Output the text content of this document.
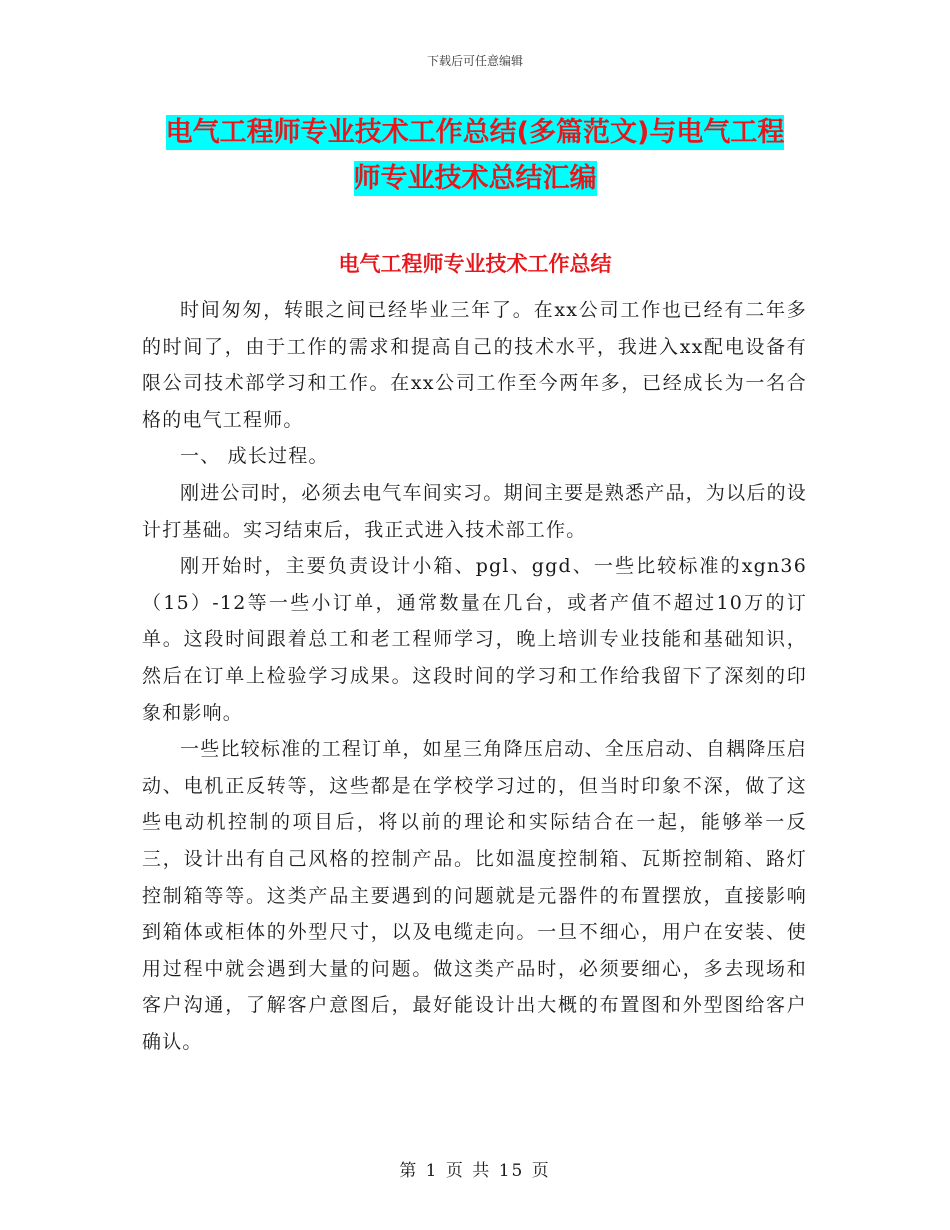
下载后可任意编辑
电气工程师专业技术工作总结(多篇范文)与电气工程
师专业技术总结汇编
电气工程师专业技术工作总结

时间匆匆，转眼之间已经毕业三年了。在xx公司工作也已经有二年多的时间了，由于工作的需求和提高自己的技术水平，我进入xx配电设备有限公司技术部学习和工作。在xx公司工作至今两年多，已经成长为一名合格的电气工程师。

一、 成长过程。

刚进公司时，必须去电气车间实习。期间主要是熟悉产品，为以后的设计打基础。实习结束后，我正式进入技术部工作。

刚开始时，主要负责设计小箱、pgl、ggd、一些比较标准的xgn36（15）-12等一些小订单，通常数量在几台，或者产值不超过10万的订单。这段时间跟着总工和老工程师学习，晚上培训专业技能和基础知识，然后在订单上检验学习成果。这段时间的学习和工作给我留下了深刻的印象和影响。

一些比较标准的工程订单，如星三角降压启动、全压启动、自耦降压启动、电机正反转等，这些都是在学校学习过的，但当时印象不深，做了这些电动机控制的项目后，将以前的理论和实际结合在一起，能够举一反三，设计出有自己风格的控制产品。比如温度控制箱、瓦斯控制箱、路灯控制箱等等。这类产品主要遇到的问题就是元器件的布置摆放，直接影响到箱体或柜体的外型尺寸，以及电缆走向。一旦不细心，用户在安装、使用过程中就会遇到大量的问题。做这类产品时，必须要细心，多去现场和客户沟通，了解客户意图后，最好能设计出大概的布置图和外型图给客户确认。

第 1 页 共 15 页
